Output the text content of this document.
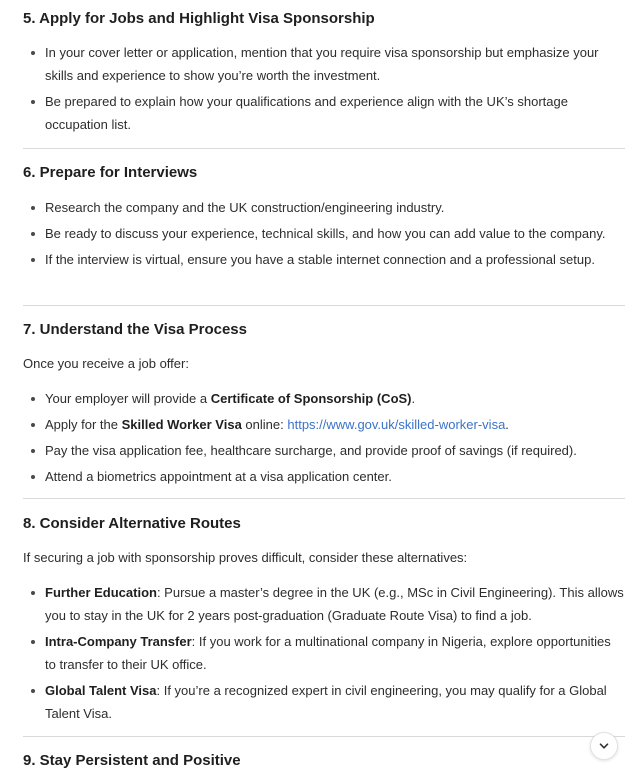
5. Apply for Jobs and Highlight Visa Sponsorship
In your cover letter or application, mention that you require visa sponsorship but emphasize your skills and experience to show you’re worth the investment.
Be prepared to explain how your qualifications and experience align with the UK’s shortage occupation list.
6. Prepare for Interviews
Research the company and the UK construction/engineering industry.
Be ready to discuss your experience, technical skills, and how you can add value to the company.
If the interview is virtual, ensure you have a stable internet connection and a professional setup.
7. Understand the Visa Process

Once you receive a job offer:

Your employer will provide a Certificate of Sponsorship (CoS).
Apply for the Skilled Worker Visa online: https://www.gov.uk/skilled-worker-visa.
Pay the visa application fee, healthcare surcharge, and provide proof of savings (if required).
Attend a biometrics appointment at a visa application center.
8. Consider Alternative Routes

If securing a job with sponsorship proves difficult, consider these alternatives:

Further Education: Pursue a master’s degree in the UK (e.g., MSc in Civil Engineering). This allows you to stay in the UK for 2 years post-graduation (Graduate Route Visa) to find a job.
Intra-Company Transfer: If you work for a multinational company in Nigeria, explore opportunities to transfer to their UK office.
Global Talent Visa: If you’re a recognized expert in civil engineering, you may qualify for a Global Talent Visa.
9. Stay Persistent and Positive
